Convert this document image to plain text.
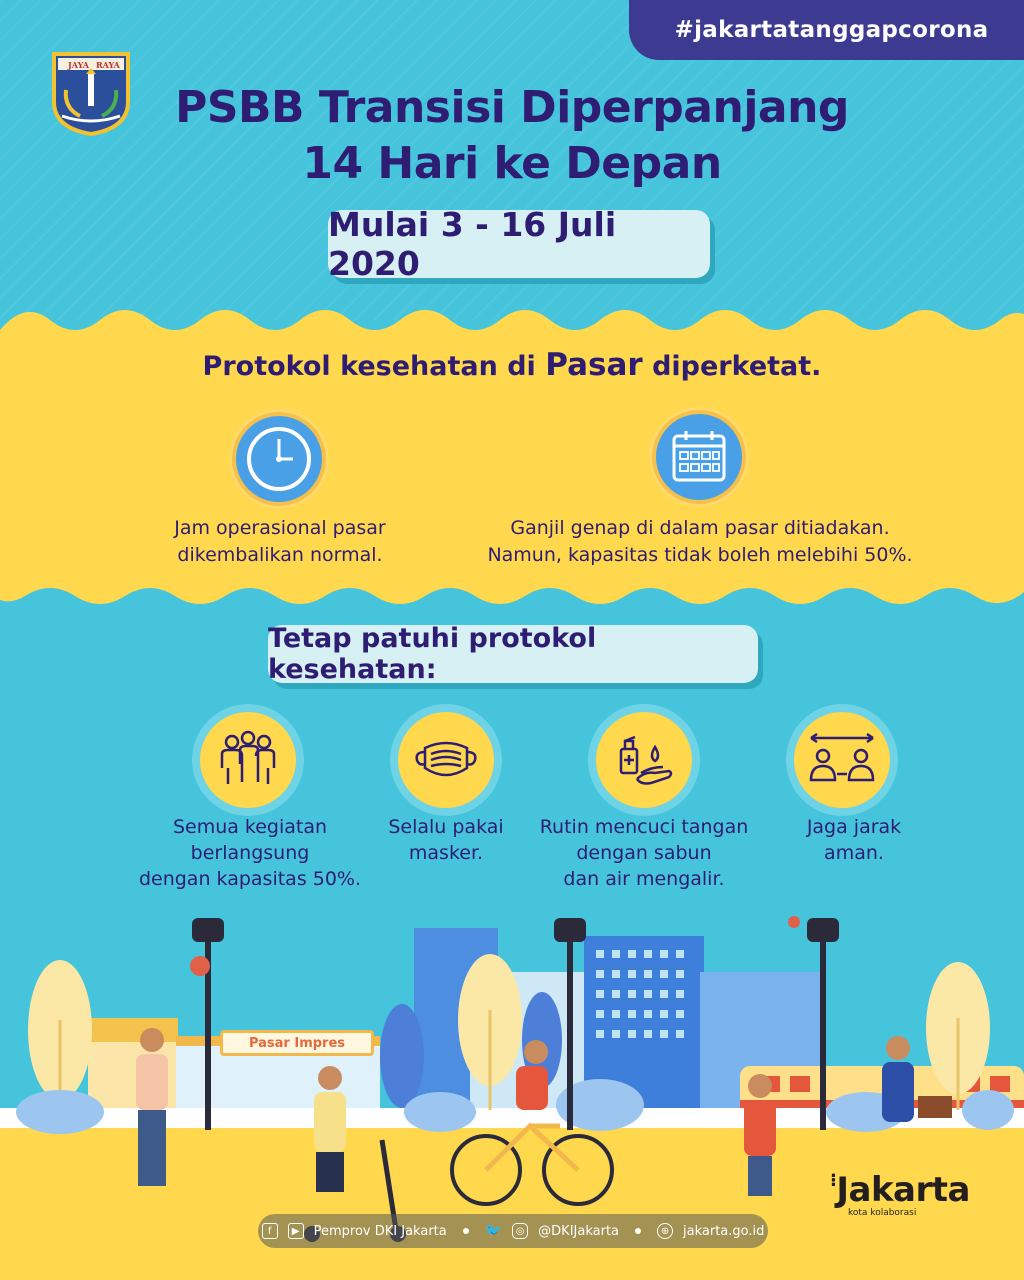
#jakartatanggapcorona
JAYA RAYA
PSBB Transisi Diperpanjang
14 Hari ke Depan
Mulai 3 - 16 Juli 2020
Protokol kesehatan di Pasar diperketat.
Jam operasional pasar
dikembalikan normal.
Ganjil genap di dalam pasar ditiadakan.
Namun, kapasitas tidak boleh melebihi 50%.
Tetap patuhi protokol kesehatan:
Semua kegiatan
berlangsung
dengan kapasitas 50%.
Selalu pakai
masker.
Rutin mencuci tangan
dengan sabun
dan air mengalir.
Jaga jarak
aman.
Pasar Impres
f	▶	Pemprov DKI Jakarta	🐦	◎ @DKIJakarta	⊕ jakarta.go.id
⁝Jakarta
kota kolaborasi
